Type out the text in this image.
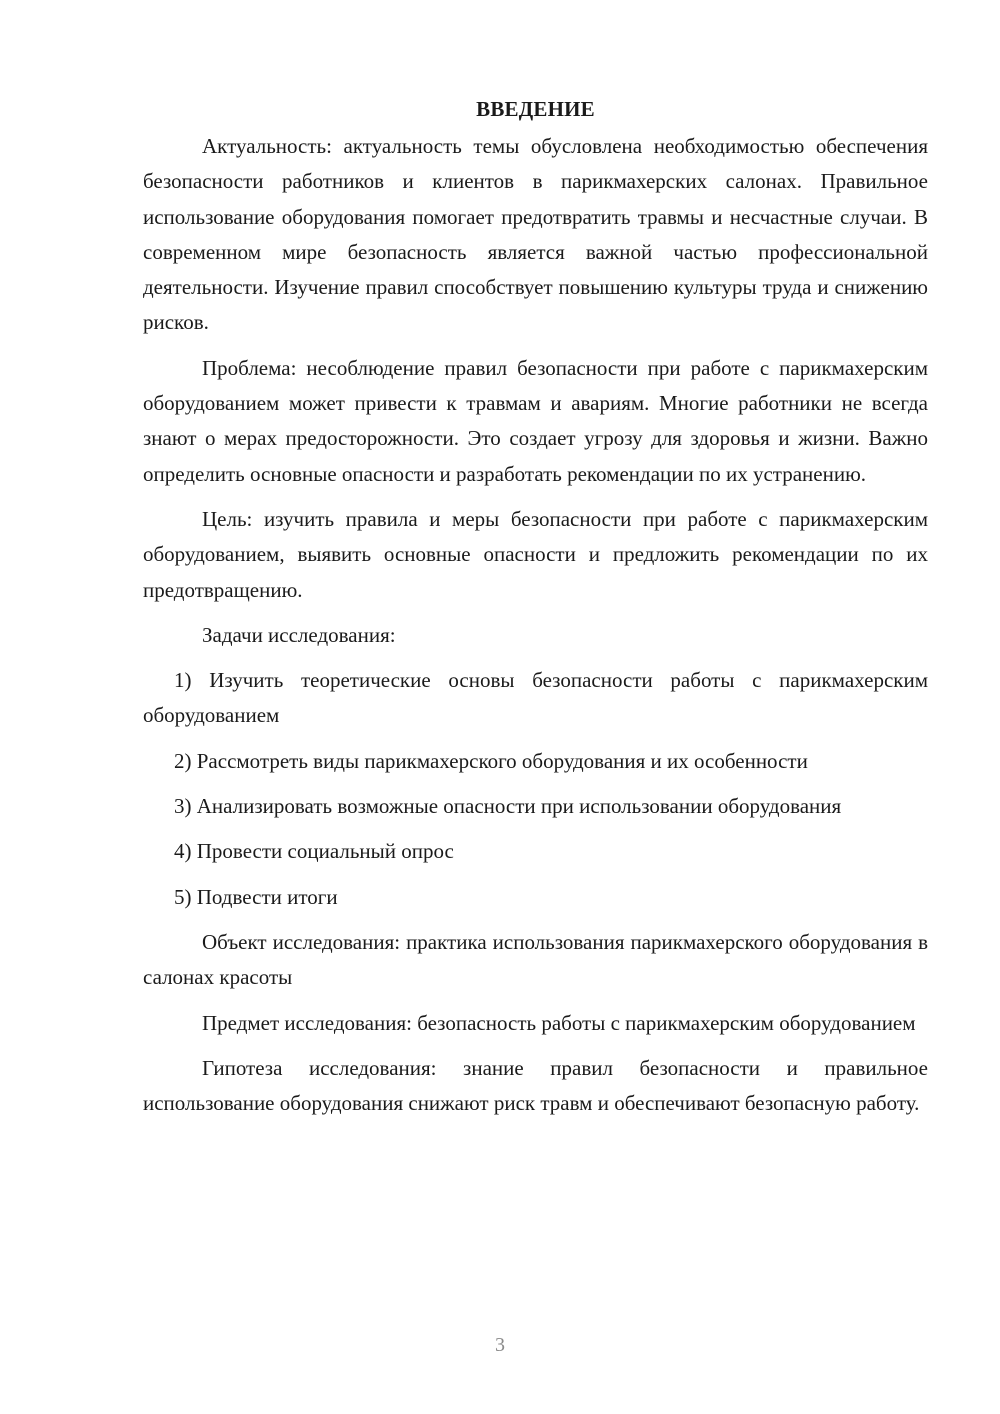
ВВЕДЕНИЕ

Актуальность: актуальность темы обусловлена необходимостью обеспечения безопасности работников и клиентов в парикмахерских салонах. Правильное использование оборудования помогает предотвратить травмы и несчастные случаи. В современном мире безопасность является важной частью профессиональной деятельности. Изучение правил способствует повышению культуры труда и снижению рисков.

Проблема: несоблюдение правил безопасности при работе с парикмахерским оборудованием может привести к травмам и авариям. Многие работники не всегда знают о мерах предосторожности. Это создает угрозу для здоровья и жизни. Важно определить основные опасности и разработать рекомендации по их устранению.

Цель: изучить правила и меры безопасности при работе с парикмахерским оборудованием, выявить основные опасности и предложить рекомендации по их предотвращению.

Задачи исследования:

1) Изучить теоретические основы безопасности работы с парикмахерским оборудованием

2) Рассмотреть виды парикмахерского оборудования и их особенности

3) Анализировать возможные опасности при использовании оборудования

4) Провести социальный опрос

5) Подвести итоги

Объект исследования: практика использования парикмахерского оборудования в салонах красоты

Предмет исследования: безопасность работы с парикмахерским оборудованием

Гипотеза исследования: знание правил безопасности и правильное использование оборудования снижают риск травм и обеспечивают безопасную работу.

3
